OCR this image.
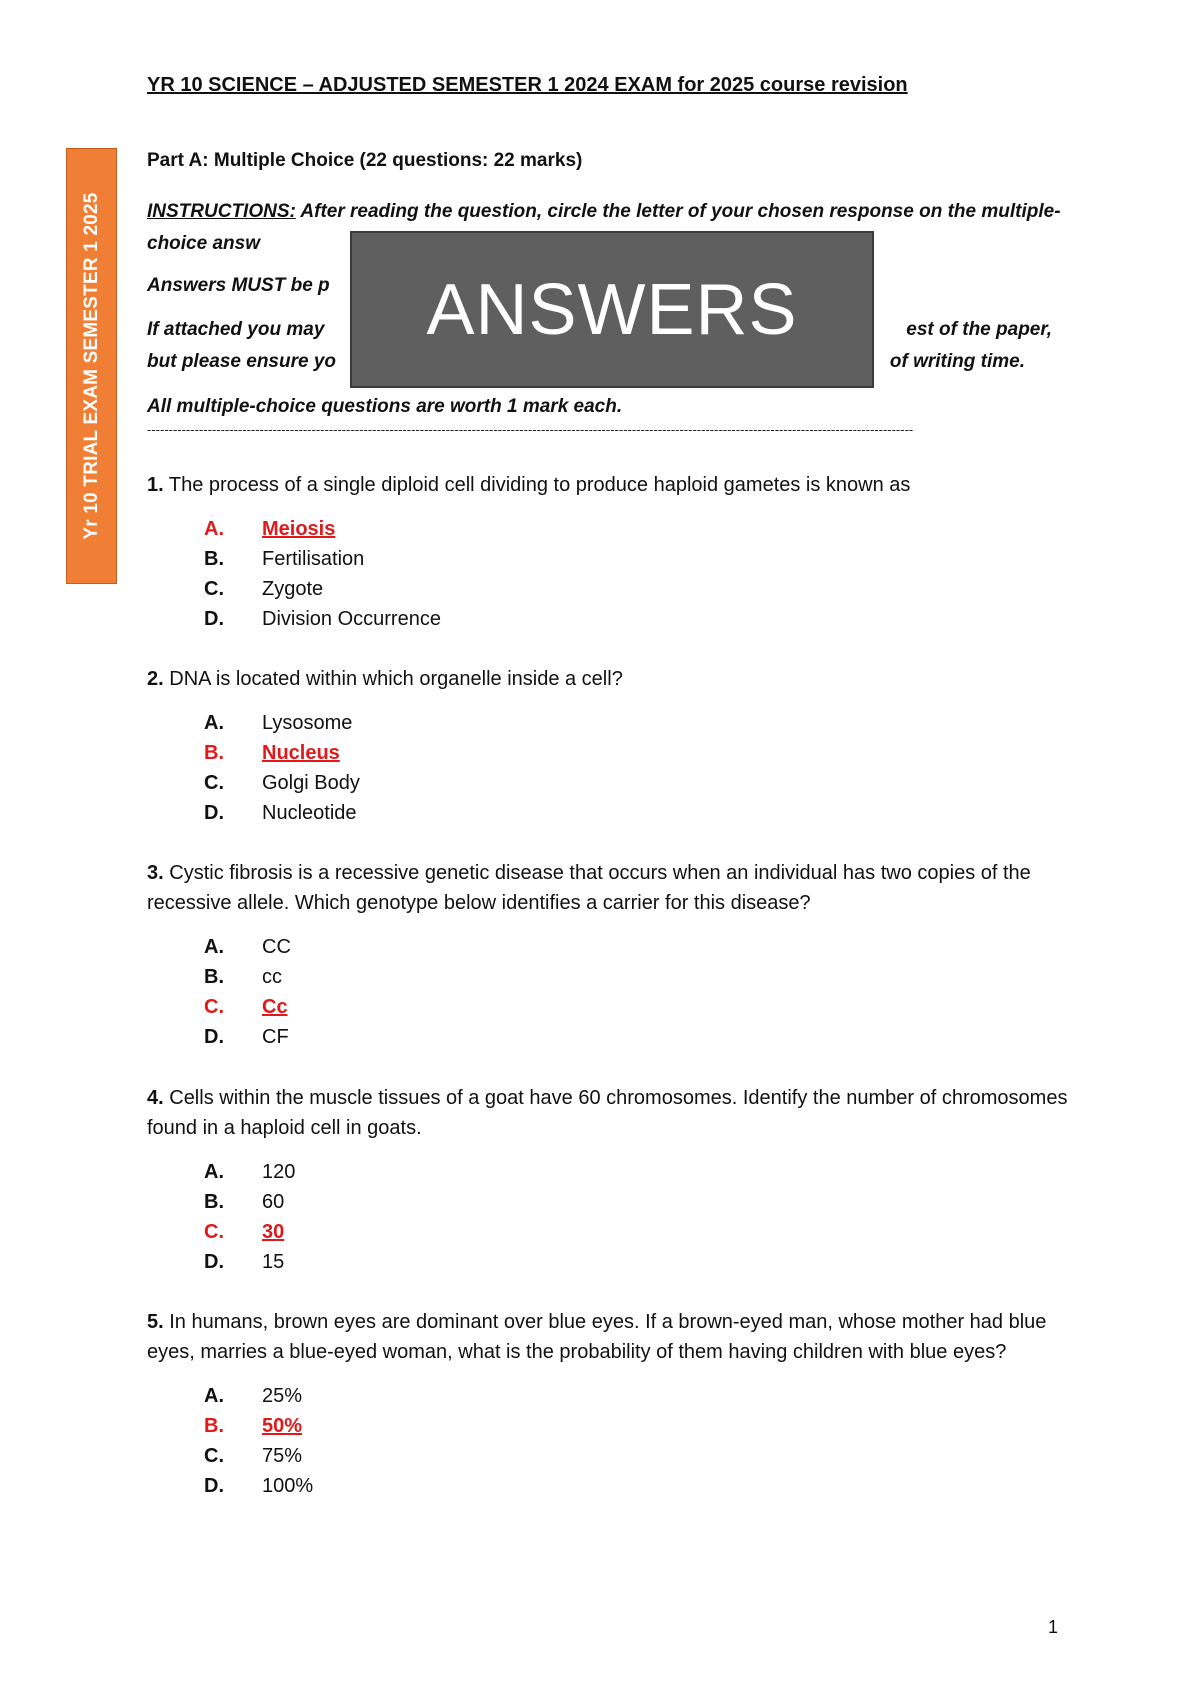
YR 10 SCIENCE – ADJUSTED SEMESTER 1 2024 EXAM for 2025 course revision
Yr 10 TRIAL EXAM SEMESTER 1 2025
Part A: Multiple Choice (22 questions: 22 marks)
INSTRUCTIONS: After reading the question, circle the letter of your chosen response on the multiple-choice answ
Answers MUST be p
If attached you may	est of the paper,
but please ensure yo	of writing time.
All multiple-choice questions are worth 1 mark each.
ANSWERS
---------------------------------------------------------------------------------------------------------------------------------------------------------------------------------
1. The process of a single diploid cell dividing to produce haploid gametes is known as
A.	Meiosis
B.	Fertilisation
C.	Zygote
D.	Division Occurrence
2. DNA is located within which organelle inside a cell?
A.	Lysosome
B.	Nucleus
C.	Golgi Body
D.	Nucleotide
3. Cystic fibrosis is a recessive genetic disease that occurs when an individual has two copies of the recessive allele. Which genotype below identifies a carrier for this disease?
A.	CC
B.	cc
C.	Cc
D.	CF
4. Cells within the muscle tissues of a goat have 60 chromosomes. Identify the number of chromosomes found in a haploid cell in goats.
A.	120
B.	60
C.	30
D.	15
5. In humans, brown eyes are dominant over blue eyes. If a brown-eyed man, whose mother had blue eyes, marries a blue-eyed woman, what is the probability of them having children with blue eyes?
A.	25%
B.	50%
C.	75%
D.	100%
1
